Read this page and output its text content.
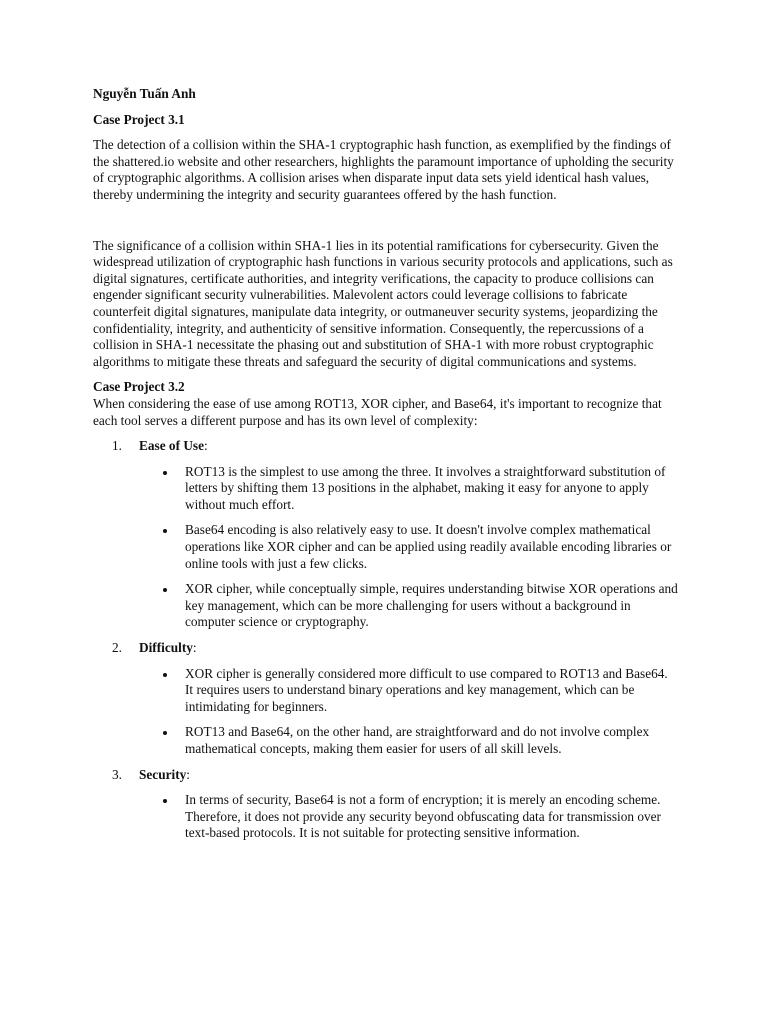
Nguyễn Tuấn Anh
Case Project 3.1

The detection of a collision within the SHA-1 cryptographic hash function, as exemplified by the findings of the shattered.io website and other researchers, highlights the paramount importance of upholding the security of cryptographic algorithms. A collision arises when disparate input data sets yield identical hash values, thereby undermining the integrity and security guarantees offered by the hash function.

The significance of a collision within SHA-1 lies in its potential ramifications for cybersecurity. Given the widespread utilization of cryptographic hash functions in various security protocols and applications, such as digital signatures, certificate authorities, and integrity verifications, the capacity to produce collisions can engender significant security vulnerabilities. Malevolent actors could leverage collisions to fabricate counterfeit digital signatures, manipulate data integrity, or outmaneuver security systems, jeopardizing the confidentiality, integrity, and authenticity of sensitive information. Consequently, the repercussions of a collision in SHA-1 necessitate the phasing out and substitution of SHA-1 with more robust cryptographic algorithms to mitigate these threats and safeguard the security of digital communications and systems.

Case Project 3.2

When considering the ease of use among ROT13, XOR cipher, and Base64, it's important to recognize that each tool serves a different purpose and has its own level of complexity:

1.	Ease of Use:
ROT13 is the simplest to use among the three. It involves a straightforward substitution of letters by shifting them 13 positions in the alphabet, making it easy for anyone to apply without much effort.
Base64 encoding is also relatively easy to use. It doesn't involve complex mathematical operations like XOR cipher and can be applied using readily available encoding libraries or online tools with just a few clicks.
XOR cipher, while conceptually simple, requires understanding bitwise XOR operations and key management, which can be more challenging for users without a background in computer science or cryptography.
2.	Difficulty:
XOR cipher is generally considered more difficult to use compared to ROT13 and Base64. It requires users to understand binary operations and key management, which can be intimidating for beginners.
ROT13 and Base64, on the other hand, are straightforward and do not involve complex mathematical concepts, making them easier for users of all skill levels.
3.	Security:
In terms of security, Base64 is not a form of encryption; it is merely an encoding scheme. Therefore, it does not provide any security beyond obfuscating data for transmission over text-based protocols. It is not suitable for protecting sensitive information.
